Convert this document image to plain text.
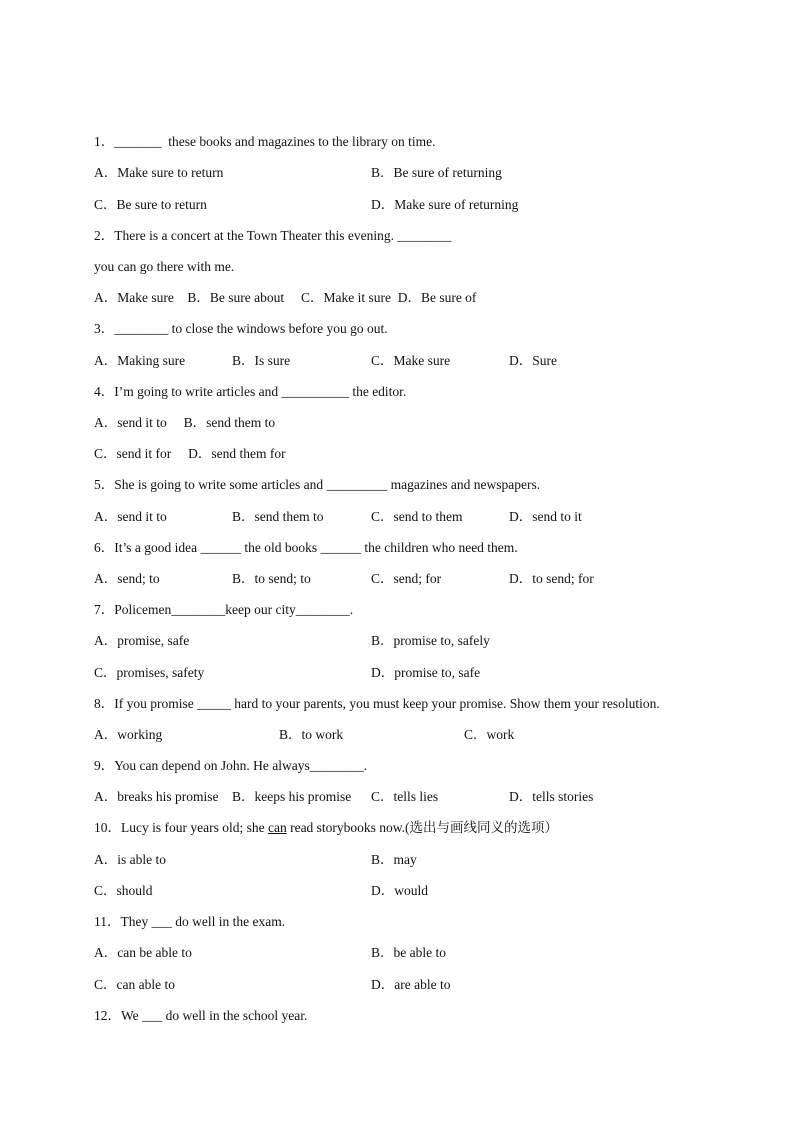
1．_______  these books and magazines to the library on time.
A．Make sure to return	B．Be sure of returning
C．Be sure to return	D．Make sure of returning
2．There is a concert at the Town Theater this evening. ________
you can go there with me.
A．Make sure    B．Be sure about     C．Make it sure  D．Be sure of
3．________ to close the windows before you go out.
A．Making sure	B．Is sure	C．Make sure	D．Sure
4．I’m going to write articles and __________ the editor.
A．send it to     B．send them to
C．send it for     D．send them for
5．She is going to write some articles and _________ magazines and newspapers.
A．send it to	B．send them to	C．send to them	D．send to it
6．It’s a good idea ______ the old books ______ the children who need them.
A．send; to	B．to send; to	C．send; for	D．to send; for
7．Policemen________keep our city________.
A．promise, safe	B．promise to, safely
C．promises, safety	D．promise to, safe
8．If you promise _____ hard to your parents, you must keep your promise. Show them your resolution.
A．working	B．to work	C．work
9．You can depend on John. He always________.
A．breaks his promise B．keeps his promise C．tells lies	D．tells stories
10．Lucy is four years old; she can read storybooks now.(选出与画线同义的选项）
A．is able to	B．may
C．should	D．would
11．They ___ do well in the exam.
A．can be able to	B．be able to
C．can able to	D．are able to
12．We ___ do well in the school year.
